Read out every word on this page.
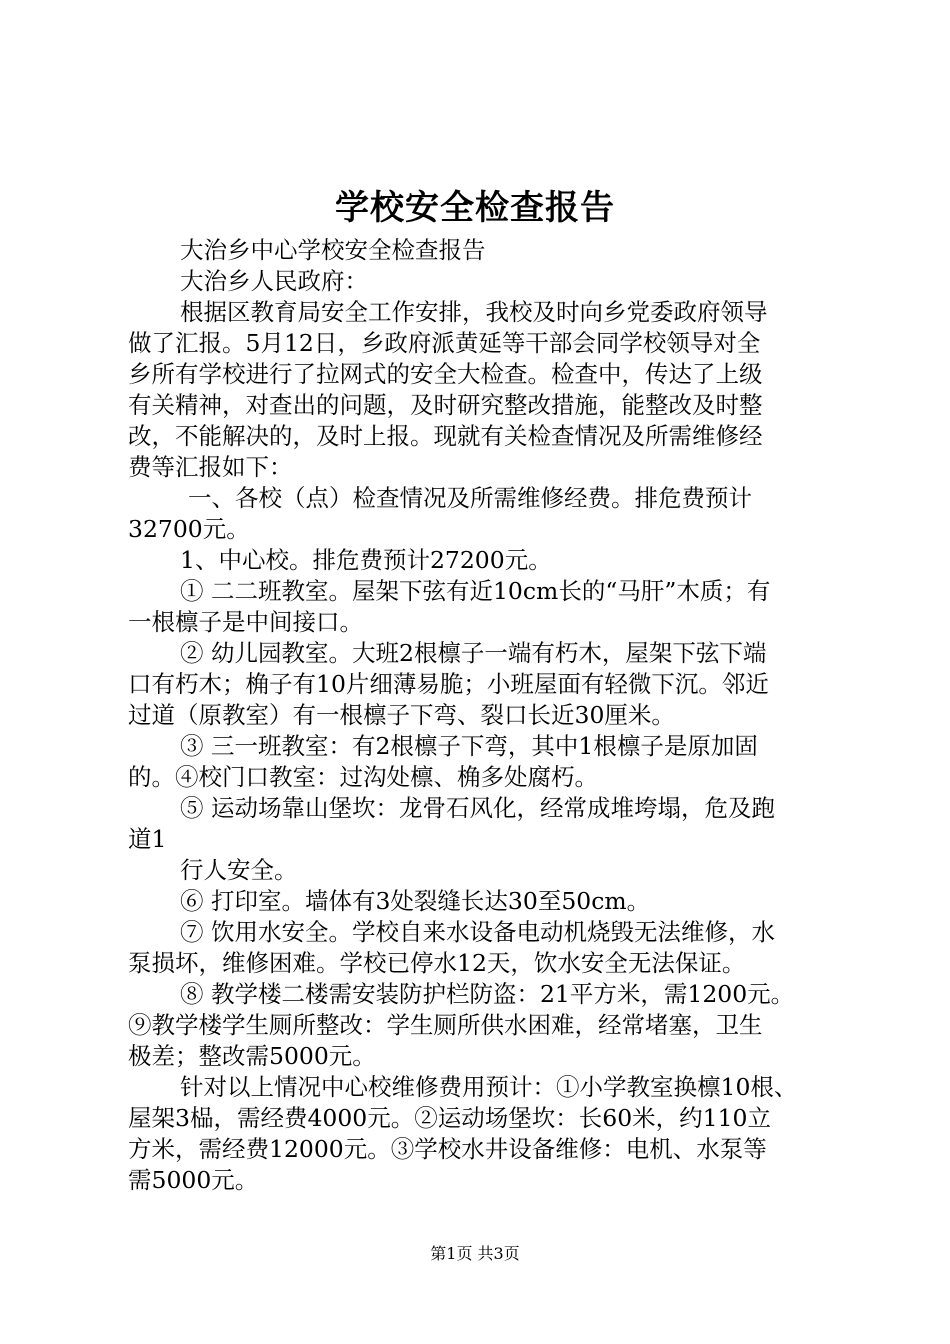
学校安全检查报告
大治乡中心学校安全检查报告
大治乡人民政府：
根据区教育局安全工作安排，我校及时向乡党委政府领导
做了汇报。5月12日，乡政府派黄延等干部会同学校领导对全
乡所有学校进行了拉网式的安全大检查。检查中，传达了上级
有关精神，对查出的问题，及时研究整改措施，能整改及时整
改，不能解决的，及时上报。现就有关检查情况及所需维修经
费等汇报如下：
一、各校（点）检查情况及所需维修经费。排危费预计
32700元。
1、中心校。排危费预计27200元。
① 二二班教室。屋架下弦有近10cm长的“马肝”木质；有
一根檩子是中间接口。
② 幼儿园教室。大班2根檩子一端有朽木，屋架下弦下端
口有朽木；桷子有10片细薄易脆；小班屋面有轻微下沉。邻近
过道（原教室）有一根檩子下弯、裂口长近30厘米。
③ 三一班教室：有2根檩子下弯，其中1根檩子是原加固
的。④校门口教室：过沟处檩、桷多处腐朽。
⑤ 运动场靠山堡坎：龙骨石风化，经常成堆垮塌，危及跑
道1
行人安全。
⑥ 打印室。墙体有3处裂缝长达30至50cm。
⑦ 饮用水安全。学校自来水设备电动机烧毁无法维修，水
泵损坏，维修困难。学校已停水12天，饮水安全无法保证。
⑧ 教学楼二楼需安装防护栏防盗：21平方米，需1200元。
⑨教学楼学生厕所整改：学生厕所供水困难，经常堵塞，卫生
极差；整改需5000元。
针对以上情况中心校维修费用预计：①小学教室换檩10根、
屋架3榀，需经费4000元。②运动场堡坎：长60米，约110立
方米，需经费12000元。③学校水井设备维修：电机、水泵等
需5000元。
第1页 共3页
